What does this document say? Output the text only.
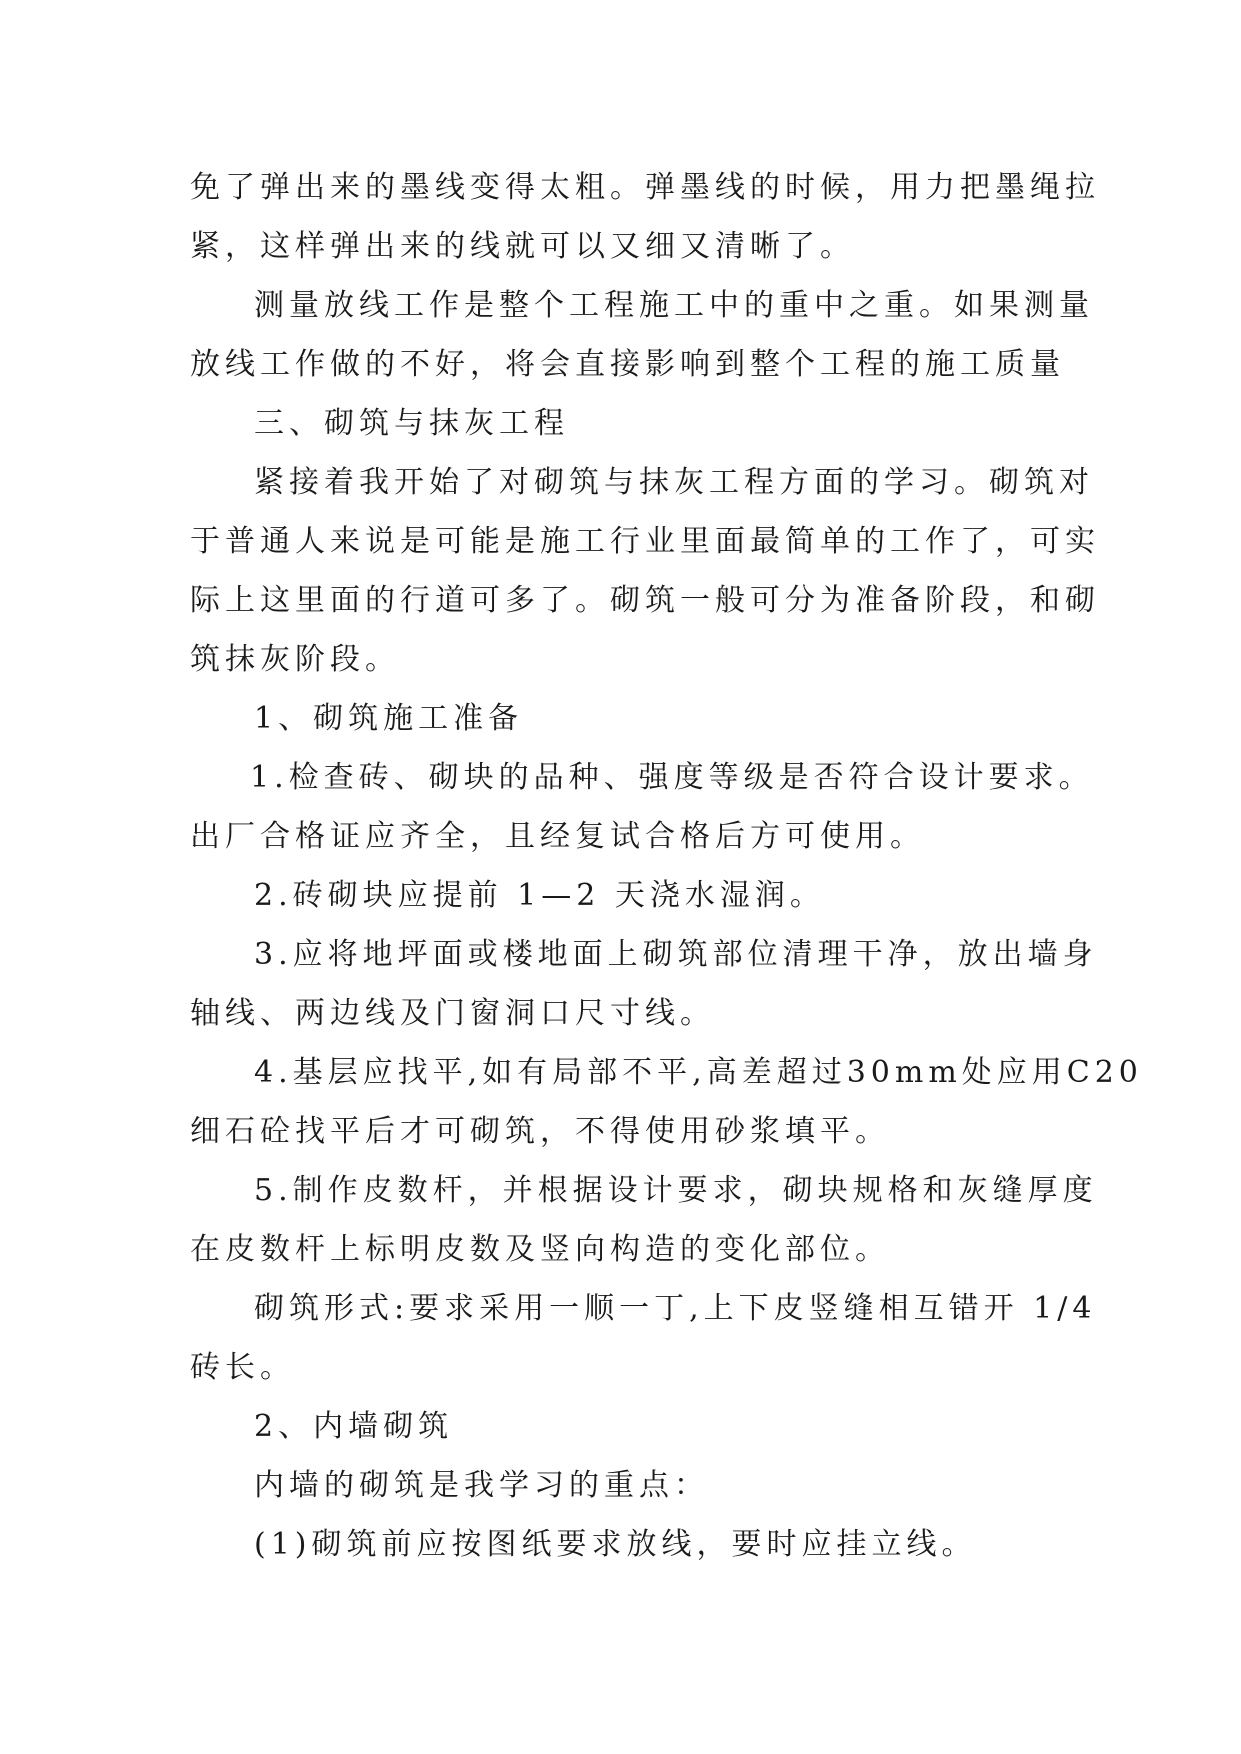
免了弹出来的墨线变得太粗。弹墨线的时候，用力把墨绳拉
紧，这样弹出来的线就可以又细又清晰了。
测量放线工作是整个工程施工中的重中之重。如果测量
放线工作做的不好，将会直接影响到整个工程的施工质量
三、砌筑与抹灰工程
紧接着我开始了对砌筑与抹灰工程方面的学习。砌筑对
于普通人来说是可能是施工行业里面最简单的工作了，可实
际上这里面的行道可多了。砌筑一般可分为准备阶段，和砌
筑抹灰阶段。
1、砌筑施工准备
1.检查砖、砌块的品种、强度等级是否符合设计要求。
出厂合格证应齐全，且经复试合格后方可使用。
2.砖砌块应提前 1—2 天浇水湿润。
3.应将地坪面或楼地面上砌筑部位清理干净，放出墙身
轴线、两边线及门窗洞口尺寸线。
4.基层应找平,如有局部不平,高差超过30mm处应用C20
细石砼找平后才可砌筑，不得使用砂浆填平。
5.制作皮数杆，并根据设计要求，砌块规格和灰缝厚度
在皮数杆上标明皮数及竖向构造的变化部位。
砌筑形式:要求采用一顺一丁,上下皮竖缝相互错开 1/4
砖长。
2、内墙砌筑
内墙的砌筑是我学习的重点：
(1)砌筑前应按图纸要求放线，要时应挂立线。
